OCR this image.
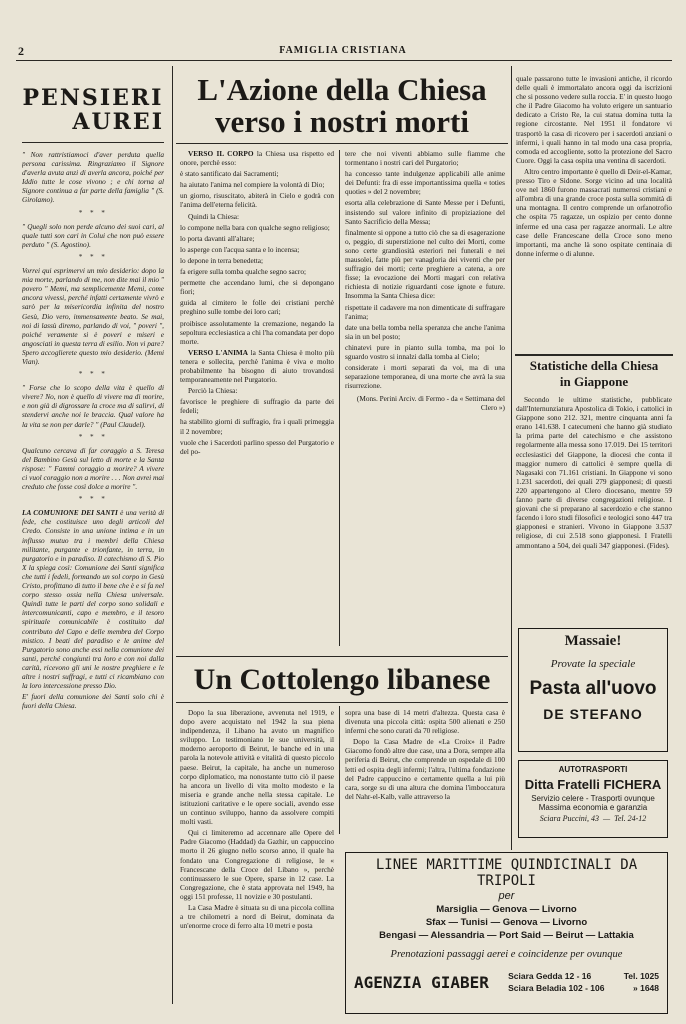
2	FAMIGLIA CRISTIANA
PENSIERI
AUREI

" Non rattristiamoci d'aver perduta quella persona carissima. Ringraziamo il Signore d'averla avuta anzi di averla ancora, poiché per Iddio tutte le cose vivono ; e chi torna al Signore continua a far parte della famiglia " (S. Girolamo).

* * *

" Quegli solo non perde alcuno dei suoi cari, al quale tutti son cari in Colui che non può essere perduto " (S. Agostino).

* * *

Vorrei qui esprimervi un mio desiderio: dopo la mia morte, parlando di me, non dite mai il mio " povero " Memi, ma semplicemente Memi, come ancora vivessi, perché infatti certamente vivrò e sarò per la misericordia infinita del nostro Gesù, Dio vero, immensamente beato. Se mai, noi di lassù diremo, parlando di voi, " poveri ", poiché veramente si è poveri e miseri e angosciati in questa terra di esilio. Non vi pare? Spero accoglierete questo mio desiderio. (Memi Vian).

* * *

" Forse che lo scopo della vita è quello di vivere? No, non è quello di vivere ma di morire, e non già di digrossare la croce ma di salirvi, di stendervi anche noi le braccia. Qual valore ha la vita se non per darle? " (Paul Claudel).

* * *

Qualcuno cercava di far coraggio a S. Teresa del Bambino Gesù sul letto di morte e la Santa rispose: " Fammi coraggio a morire? A vivere ci vuol coraggio non a morire . . . Non avrei mai creduto che fosse così dolce a morire ".

* * *

LA COMUNIONE DEI SANTI è una verità di fede, che costituisce uno degli articoli del Credo. Consiste in una unione intima e in un influsso mutuo tra i membri della Chiesa militante, purgante e trionfante, in terra, in purgatorio e in paradiso. Il catechismo di S. Pio X la spiega così: Comunione dei Santi significa che tutti i fedeli, formando un sol corpo in Gesù Cristo, profittano di tutto il bene che è e si fa nel corpo stesso ossia nella Chiesa universale. Quindi tutte le parti del corpo sono solidali e intercomunicanti, capo e membro, e il tesoro spirituale comunicabile è costituito dal contributo del Capo e delle membra del Corpo mistico. I beati del paradiso e le anime del Purgatorio sono anche essi nella comunione dei santi, perché congiunti tra loro e con noi dalla carità, ricevono gli uni le nostre preghiere e le altre i nostri suffragi, e tutti ci ricambiano con la loro intercessione presso Dio.

E' fuori della comunione dei Santi solo chi è fuori della Chiesa.

L'Azione della Chiesa
verso i nostri morti

VERSO IL CORPO la Chiesa usa rispetto ed onore, perchè esso:

è stato santificato dai Sacramenti;

ha aiutato l'anima nel compiere la volontà di Dio;

un giorno, risuscitato, abiterà in Cielo e godrà con l'anima dell'eterna felicità.

Quindi la Chiesa:

lo compone nella bara con qualche segno religioso;

lo porta davanti all'altare;

lo asperge con l'acqua santa e lo incensa;

lo depone in terra benedetta;

fa erigere sulla tomba qualche segno sacro;

permette che accendano lumi, che si depongano fiori;

guida al cimitero le folle dei cristiani perchè preghino sulle tombe dei loro cari;

proibisce assolutamente la cremazione, negando la sepoltura ecclesiastica a chi l'ha comandata per dopo morte.

VERSO L'ANIMA la Santa Chiesa è molto più tenera e sollecita, perchè l'anima è viva e molto probabilmente ha bisogno di aiuto trovandosi temporaneamente nel Purgatorio.

Perciò la Chiesa:

favorisce le preghiere di suffragio da parte dei fedeli;

ha stabilito giorni di suffragio, fra i quali primeggia il 2 novembre;

vuole che i Sacerdoti parlino spesso del Purgatorio e del po-

tere che noi viventi abbiamo sulle fiamme che tormentano i nostri cari del Purgatorio;

ha concesso tante indulgenze applicabili alle anime dei Defunti: fra di esse importantissima quella « toties quoties » del 2 novembre;

esorta alla celebrazione di Sante Messe per i Defunti, insistendo sul valore infinito di propiziazione del Santo Sacrificio della Messa;

finalmente si oppone a tutto ciò che sa di esagerazione o, peggio, di superstizione nel culto dei Morti, come sono certe grandiosità esteriori nei funerali e nei mausolei, fatte più per vanagloria dei viventi che per suffragio dei morti; certe preghiere a catena, a ore fisse; la evocazione dei Morti magari con relativa richiesta di notizie riguardanti cose ignote e future. Insomma la Santa Chiesa dice:

rispettate il cadavere ma non dimenticate di suffragare l'anima;

date una bella tomba nella speranza che anche l'anima sia in un bel posto;

chinatevi pure in pianto sulla tomba, ma poi lo sguardo vostro si innalzi dalla tomba al Cielo;

considerate i morti separati da voi, ma di una separazione temporanea, di una morte che avrà la sua risurrezione.

(Mons. Perini Arciv. di Fermo - da « Settimana del Clero »)

Un Cottolengo libanese

Dopo la sua liberazione, avvenuta nel 1919, e dopo avere acquistato nel 1942 la sua piena indipendenza, il Libano ha avuto un magnifico sviluppo. Lo testimoniano le sue università, il moderno aeroporto di Beirut, le banche ed in una parola la notevole attività e vitalità di questo piccolo paese. Beirut, la capitale, ha anche un numeroso corpo diplomatico, ma nonostante tutto ciò il paese ha ancora un livello di vita molto modesto e la miseria e grande anche nella stessa capitale. Le istituzioni caritative e le opere sociali, avendo esse un continuo sviluppo, hanno da assolvere compiti molti vasti.

Qui ci limiteremo ad accennare alle Opere del Padre Giacomo (Haddad) da Gazhir, un cappuccino morto il 26 giugno nello scorso anno, il quale ha fondato una Congregazione di religiose, le « Francescane della Croce del Libano », perchè continuassero le sue Opere, sparse in 12 case. La Congregazione, che è stata approvata nel 1949, ha oggi 151 professe, 11 novizie e 30 postulanti.

La Casa Madre è situata su di una piccola collina a tre chilometri a nord di Beirut, dominata da un'enorme croce di ferro alta 10 metri e posta

sopra una base di 14 metri d'altezza. Questa casa è divenuta una piccola città: ospita 500 alienati e 250 infermi che sono curati da 70 religiose.

Dopo la Casa Madre de «La Croix» il Padre Giacomo fondò altre due case, una a Dora, sempre alla periferia di Beirut, che comprende un ospedale di 100 letti ed ospita degli infermi; l'altra, l'ultima fondazione del Padre cappuccino e certamente quella a lui più cara, sorge su di una altura che domina l'imboccatura del Nahr-el-Kalb, valle attraverso la

quale passarono tutte le invasioni antiche, il ricordo delle quali è immortalato ancora oggi da iscrizioni che si possono vedere sulla roccia. E' in questo luogo che il Padre Giacomo ha voluto erigere un santuario dedicato a Cristo Re, la cui statua domina tutta la regione circostante. Nel 1951 il fondatore vi trasportò la casa di ricovero per i sacerdoti anziani o infermi, i quali hanno in tal modo una casa propria, comoda ed accogliente, sotto la protezione del Sacro Cuore. Oggi la casa ospita una ventina di sacerdoti.

Altro centro importante è quello di Deir-el-Kamar, presso Tiro e Sidone. Sorge vicino ad una località ove nel 1860 furono massacrati numerosi cristiani e all'ombra di una grande croce posta sulla sommità di una montagna. Il centro comprende un orfanotrofio che ospita 75 ragazze, un ospizio per cento donne inferme ed una casa per ragazze anormali. Le altre case delle Francescane della Croce sono meno importanti, ma anche là sono ospitate centinaia di donne inferme o di alunne.

Statistiche della Chiesa
in Giappone

Secondo le ultime statistiche, pubblicate dall'Internunziatura Apostolica di Tokio, i cattolici in Giappone sono 212. 321, mentre cinquanta anni fa erano 141.638. I catecumeni che hanno già studiato la prima parte del catechismo e che assistono regolarmente alla messa sono 17.019. Dei 15 territori ecclesiastici del Giappone, la diocesi che conta il maggior numero di cattolici è sempre quella di Nagasaki con 71.161 cristiani. In Giappone vi sono 1.231 sacerdoti, dei quali 279 giapponesi; di questi 220 appartengono al Clero diocesano, mentre 59 fanno parte di diverse congregazioni religiose. I giovani che si preparano al sacerdozio e che stanno facendo i loro studi filosofici e teologici sono 447 tra giapponesi e stranieri. Vivono in Giappone 3.537 religiose, di cui 2.518 sono giapponesi. I Fratelli ammontano a 504, dei quali 347 giapponesi. (Fides).

Massaie!
Provate la speciale
Pasta all'uovo
DE STEFANO
AUTOTRASPORTI
Ditta Fratelli FICHERA
Servizio celere - Trasporti ovunque
Massima economia e garanzia
Sciara Puccini, 43  —  Tel. 24-12
LINEE MARITTIME QUINDICINALI DA TRIPOLI
per
Marsiglia — Genova — Livorno
Sfax — Tunisi — Genova — Livorno
Bengasi — Alessandria — Port Said — Beirut — Lattakia
Prenotazioni passaggi aerei e coincidenze per ovunque
AGENZIA GIABER Sciara Gedda 12 - 16
Sciara Beladia 102 - 106
Tel. 1025
» 1648
